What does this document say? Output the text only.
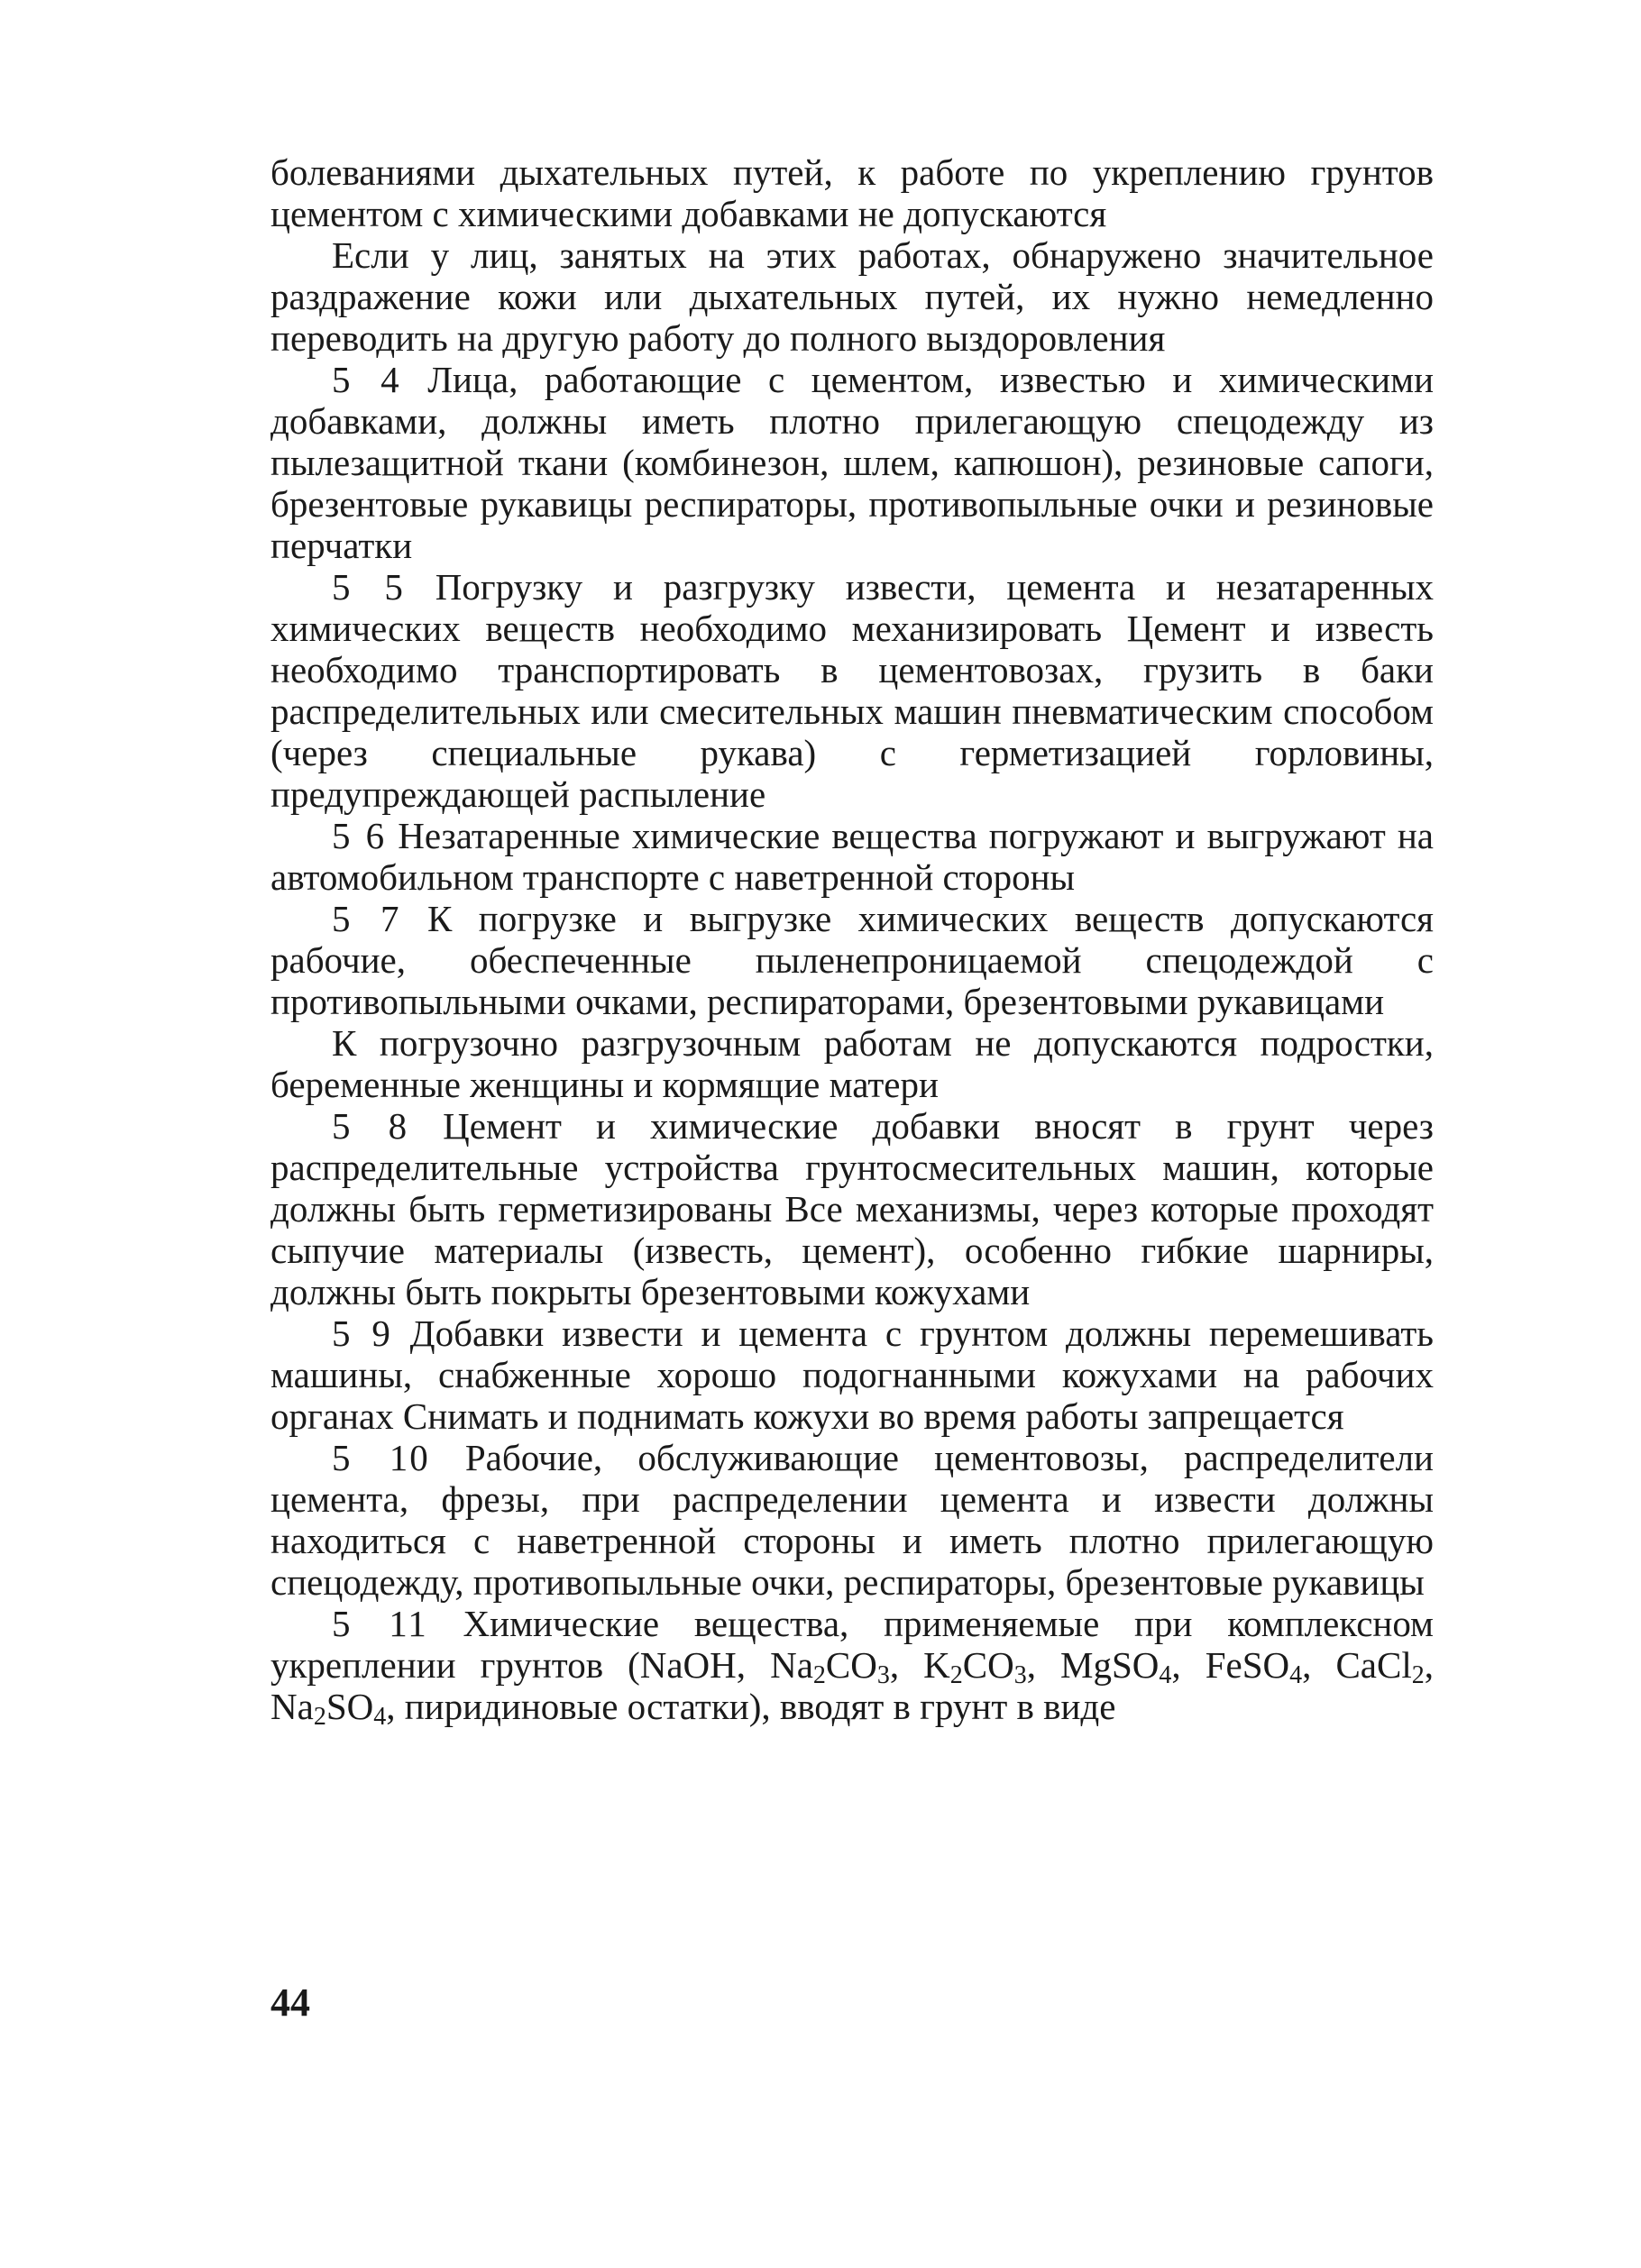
болеваниями дыхательных путей, к работе по укреплению грунтов цементом с химическими добавками не допускаются

Если у лиц, занятых на этих работах, обнаружено значительное раздражение кожи или дыхательных путей, их нужно немедленно переводить на другую работу до полного выздоровления

5 4 Лица, работающие с цементом, известью и химическими добавками, должны иметь плотно прилегающую спецодежду из пылезащитной ткани (комбинезон, шлем, капюшон), резиновые сапоги, брезентовые рукавицы респираторы, противопыльные очки и резиновые перчатки

5 5 Погрузку и разгрузку извести, цемента и незатаренных химических веществ необходимо механизировать Цемент и известь необходимо транспортировать в цементовозах, грузить в баки распределительных или смесительных машин пневматическим способом (через специальные рукава) с герметизацией горловины, предупреждающей распыление

5 6 Незатаренные химические вещества погружают и выгружают на автомобильном транспорте с наветренной стороны

5 7 К погрузке и выгрузке химических веществ допускаются рабочие, обеспеченные пыленепроницаемой спецодеждой с противопыльными очками, респираторами, брезентовыми рукавицами

К погрузочно разгрузочным работам не допускаются подростки, беременные женщины и кормящие матери

5 8 Цемент и химические добавки вносят в грунт через распределительные устройства грунтосмесительных машин, которые должны быть герметизированы Все механизмы, через которые проходят сыпучие материалы (известь, цемент), особенно гибкие шарниры, должны быть покрыты брезентовыми кожухами

5 9 Добавки извести и цемента с грунтом должны перемешивать машины, снабженные хорошо подогнанными кожухами на рабочих органах Снимать и поднимать кожухи во время работы запрещается

5 10 Рабочие, обслуживающие цементовозы, распределители цемента, фрезы, при распределении цемента и извести должны находиться с наветренной стороны и иметь плотно прилегающую спецодежду, противопыльные очки, респираторы, брезентовые рукавицы

5 11 Химические вещества, применяемые при комплексном укреплении грунтов (NaOH, $Na_2CO_3$, $K_2CO_3$, MgSO$_4$, FeSO$_4$, CaCl$_2$, $Na_2SO_4$, пиридиновые остатки), вводят в грунт в виде

44
